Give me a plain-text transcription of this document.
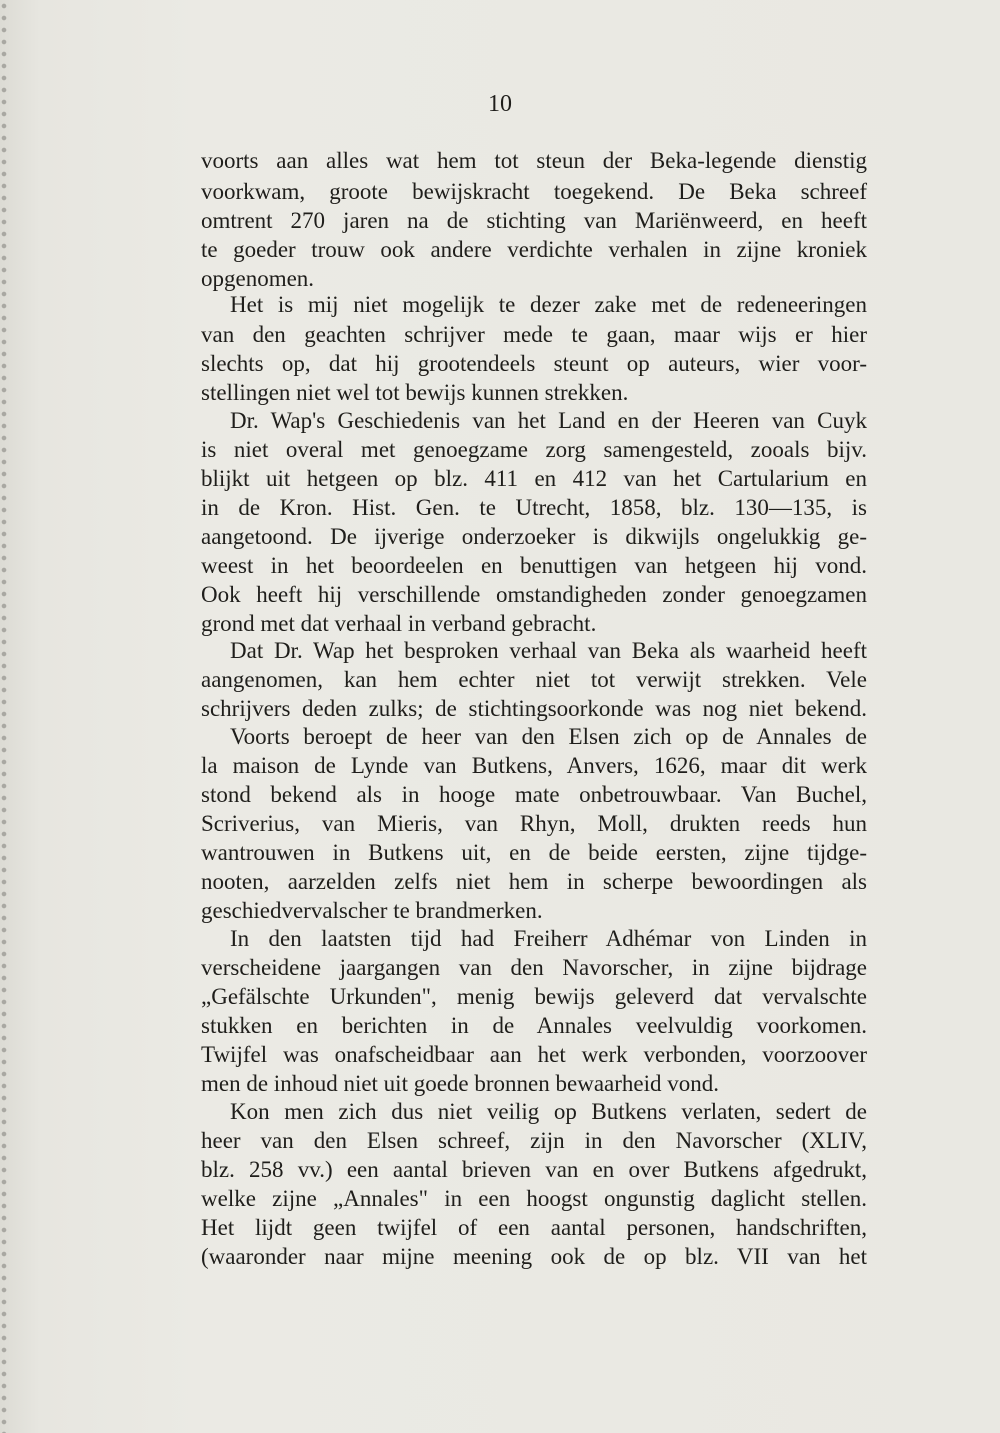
10
voorts aan alles wat hem tot steun der Beka-legende dienstig
voorkwam, groote bewijskracht toegekend. De Beka schreef
omtrent 270 jaren na de stichting van Mariënweerd, en heeft
te goeder trouw ook andere verdichte verhalen in zijne kroniek
opgenomen.
Het is mij niet mogelijk te dezer zake met de redeneeringen
van den geachten schrijver mede te gaan, maar wijs er hier
slechts op, dat hij grootendeels steunt op auteurs, wier voor-
stellingen niet wel tot bewijs kunnen strekken.
Dr. Wap's Geschiedenis van het Land en der Heeren van Cuyk
is niet overal met genoegzame zorg samengesteld, zooals bijv.
blijkt uit hetgeen op blz. 411 en 412 van het Cartularium en
in de Kron. Hist. Gen. te Utrecht, 1858, blz. 130—135, is
aangetoond. De ijverige onderzoeker is dikwijls ongelukkig ge-
weest in het beoordeelen en benuttigen van hetgeen hij vond.
Ook heeft hij verschillende omstandigheden zonder genoegzamen
grond met dat verhaal in verband gebracht.
Dat Dr. Wap het besproken verhaal van Beka als waarheid heeft
aangenomen, kan hem echter niet tot verwijt strekken. Vele
schrijvers deden zulks; de stichtingsoorkonde was nog niet bekend.
Voorts beroept de heer van den Elsen zich op de Annales de
la maison de Lynde van Butkens, Anvers, 1626, maar dit werk
stond bekend als in hooge mate onbetrouwbaar. Van Buchel,
Scriverius, van Mieris, van Rhyn, Moll, drukten reeds hun
wantrouwen in Butkens uit, en de beide eersten, zijne tijdge-
nooten, aarzelden zelfs niet hem in scherpe bewoordingen als
geschiedvervalscher te brandmerken.
In den laatsten tijd had Freiherr Adhémar von Linden in
verscheidene jaargangen van den Navorscher, in zijne bijdrage
„Gefälschte Urkunden", menig bewijs geleverd dat vervalschte
stukken en berichten in de Annales veelvuldig voorkomen.
Twijfel was onafscheidbaar aan het werk verbonden, voorzoover
men de inhoud niet uit goede bronnen bewaarheid vond.
Kon men zich dus niet veilig op Butkens verlaten, sedert de
heer van den Elsen schreef, zijn in den Navorscher (XLIV,
blz. 258 vv.) een aantal brieven van en over Butkens afgedrukt,
welke zijne „Annales" in een hoogst ongunstig daglicht stellen.
Het lijdt geen twijfel of een aantal personen, handschriften,
(waaronder naar mijne meening ook de op blz. VII van het
